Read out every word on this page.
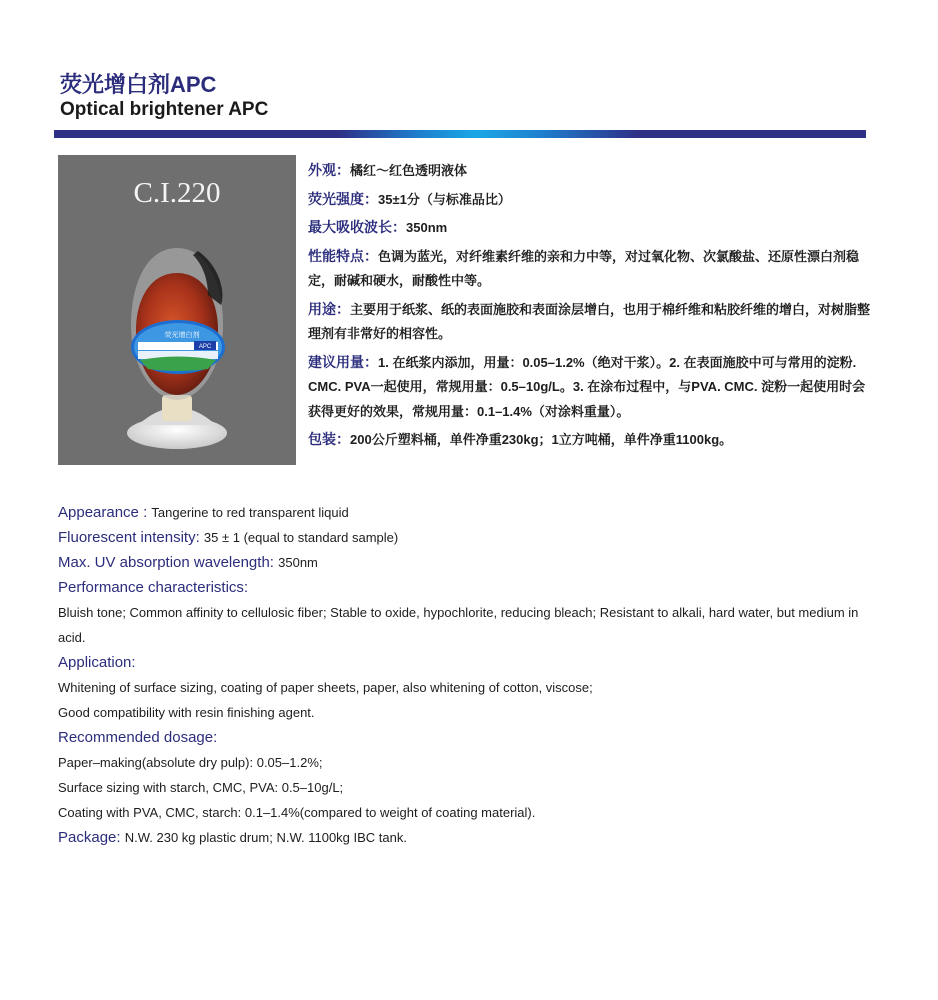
荧光增白剂APC
Optical brightener APC
C.I.220
APC
荧光增白剂

外观：橘红～红色透明液体

荧光强度：35±1分（与标准品比）

最大吸收波长：350nm

性能特点：色调为蓝光，对纤维素纤维的亲和力中等，对过氧化物、次氯酸盐、还原性漂白剂稳定，耐碱和硬水，耐酸性中等。

用途：主要用于纸浆、纸的表面施胶和表面涂层增白，也用于棉纤维和粘胶纤维的增白，对树脂整理剂有非常好的相容性。

建议用量：1. 在纸浆内添加，用量：0.05–1.2%（绝对干浆）。2. 在表面施胶中可与常用的淀粉. CMC. PVA一起使用，常规用量：0.5–10g/L。3. 在涂布过程中，与PVA. CMC. 淀粉一起使用时会获得更好的效果，常规用量：0.1–1.4%（对涂料重量）。

包装：200公斤塑料桶，单件净重230kg；1立方吨桶，单件净重1100kg。

Appearance : Tangerine to red transparent liquid

Fluorescent intensity: 35 ± 1 (equal to standard sample)

Max. UV absorption wavelength: 350nm

Performance characteristics:

Bluish tone; Common affinity to cellulosic fiber; Stable to oxide, hypochlorite, reducing bleach; Resistant to alkali, hard water, but medium in acid.

Application:

Whitening of surface sizing, coating of paper sheets, paper, also whitening of cotton, viscose;

Good compatibility with resin finishing agent.

Recommended dosage:

Paper–making(absolute dry pulp): 0.05–1.2%;

Surface sizing with starch, CMC, PVA: 0.5–10g/L;

Coating with PVA, CMC, starch: 0.1–1.4%(compared to weight of coating material).

Package: N.W. 230 kg plastic drum; N.W. 1100kg IBC tank.
